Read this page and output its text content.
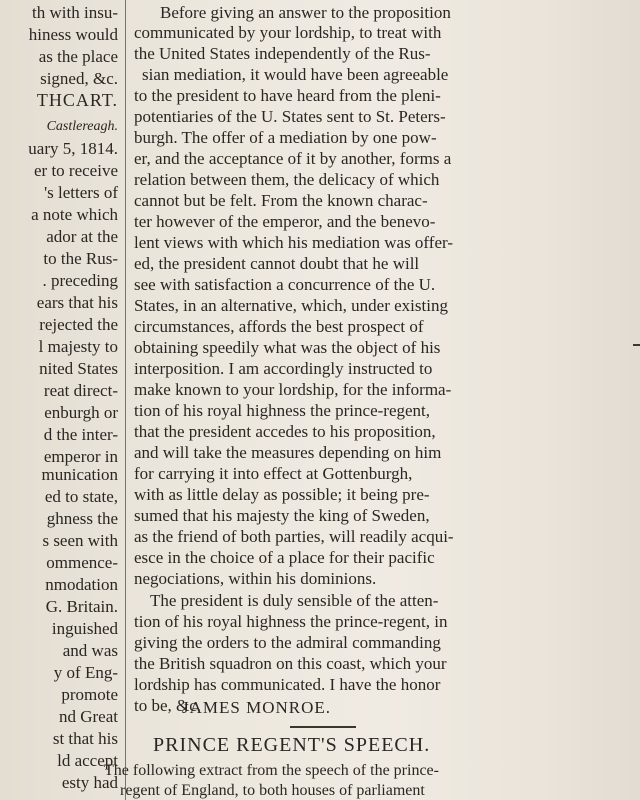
th with insu-
hiness would
as the place
signed, &c.
THCART.
Castlereagh.
uary 5, 1814.
er to receive
's letters of
a note which
ador at the
to the Rus-
. preceding
ears that his
rejected the
l majesty to
nited States
reat direct-
enburgh or
d the inter-
emperor in
munication
ed to state,
ghness the
s seen with
ommence-
nmodation
G. Britain.
inguished
and was
y of Eng-
promote
nd Great
st that his
ld accept
esty had
Before giving an answer to the proposition
communicated by your lordship, to treat with
the United States independently of the Rus-
sian mediation, it would have been agreeable
to the president to have heard from the pleni-
potentiaries of the U. States sent to St. Peters-
burgh. The offer of a mediation by one pow-
er, and the acceptance of it by another, forms a
relation between them, the delicacy of which
cannot but be felt. From the known charac-
ter however of the emperor, and the benevo-
lent views with which his mediation was offer-
ed, the president cannot doubt that he will
see with satisfaction a concurrence of the U.
States, in an alternative, which, under existing
circumstances, affords the best prospect of
obtaining speedily what was the object of his
interposition. I am accordingly instructed to
make known to your lordship, for the informa-
tion of his royal highness the prince-regent,
that the president accedes to his proposition,
and will take the measures depending on him
for carrying it into effect at Gottenburgh,
with as little delay as possible; it being pre-
sumed that his majesty the king of Sweden,
as the friend of both parties, will readily acqui-
esce in the choice of a place for their pacific
negociations, within his dominions.
The president is duly sensible of the atten-
tion of his royal highness the prince-regent, in
giving the orders to the admiral commanding
the British squadron on this coast, which your
lordship has communicated. I have the honor
to be, &c.
JAMES MONROE.
PRINCE REGENT'S SPEECH.
The following extract from the speech of the prince-
regent of England, to both houses of parliament
